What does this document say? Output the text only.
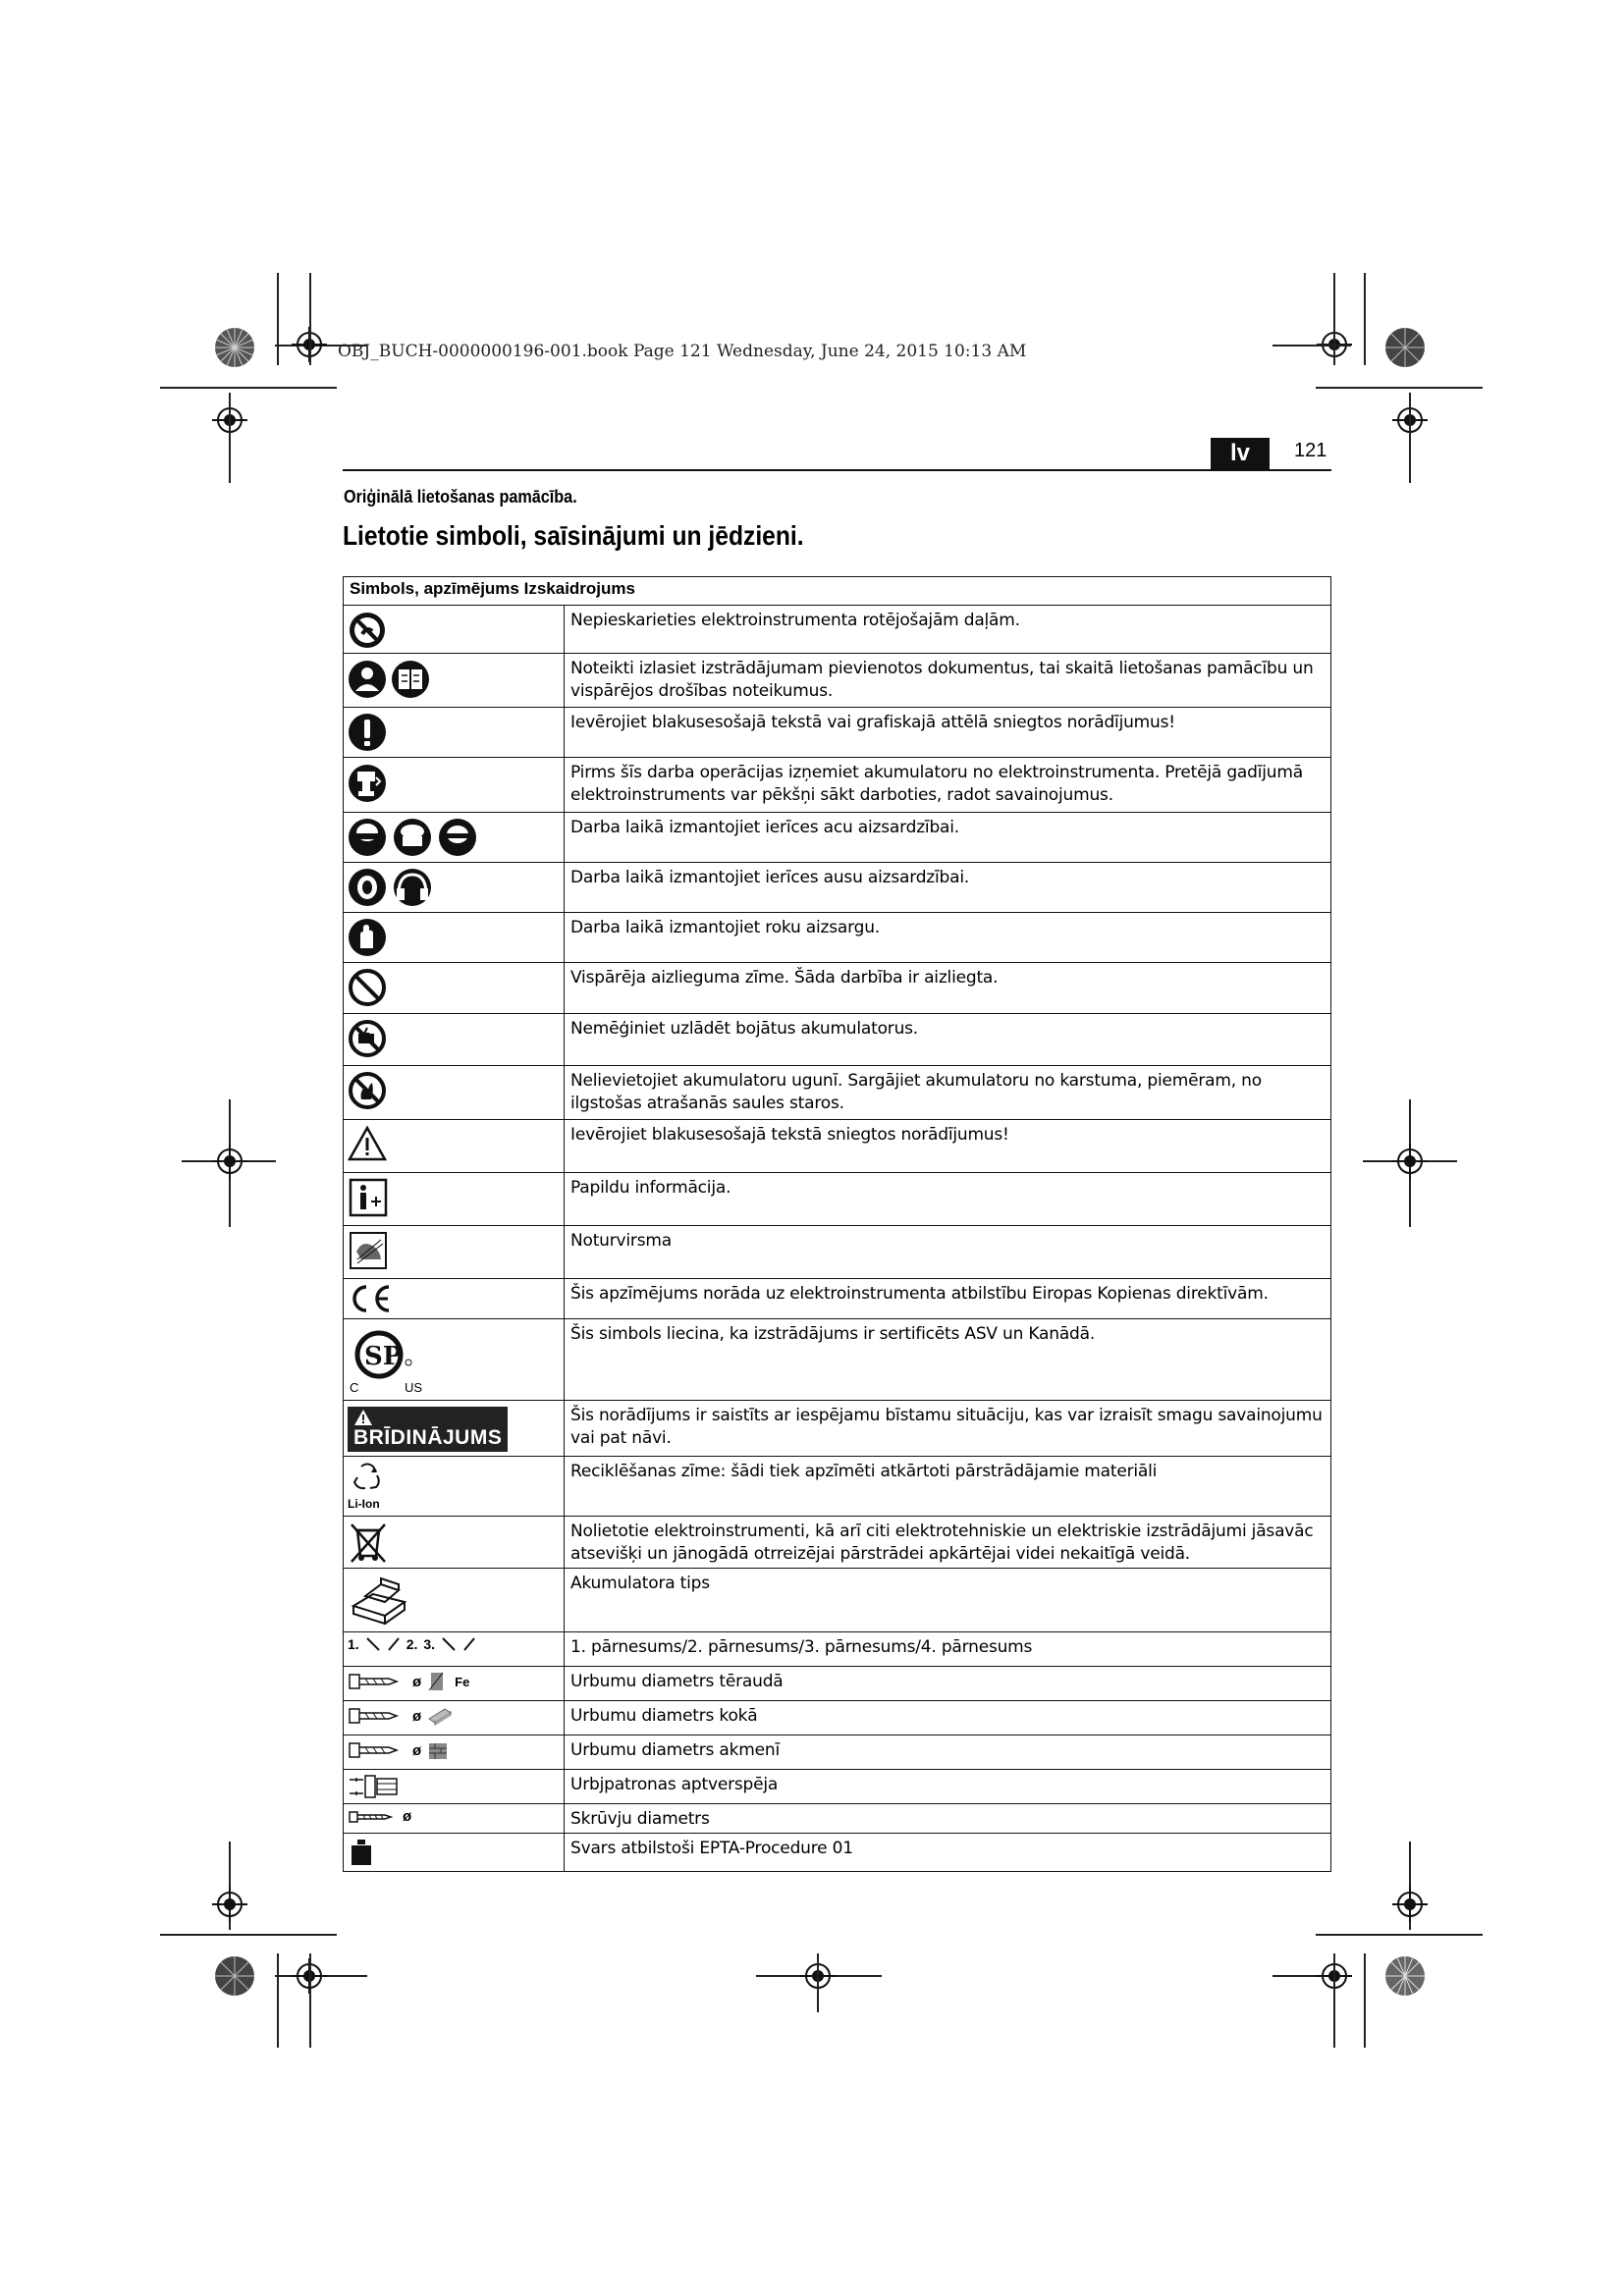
OBJ_BUCH-0000000196-001.book Page 121 Wednesday, June 24, 2015 10:13 AM
lv	121
Oriģinālā lietošanas pamācība.
Lietotie simboli, saīsinājumi un jēdzieni.
Simbols, apzīmējums Izskaidrojums	

	Nepieskarieties elektroinstrumenta rotējošajām daļām.

	Noteikti izlasiet izstrādājumam pievienotos dokumentus, tai skaitā lietošanas pamācību un vispārējos drošības noteikumus.

	Ievērojiet blakusesošajā tekstā vai grafiskajā attēlā sniegtos norādījumus!

	Pirms šīs darba operācijas izņemiet akumulatoru no elektroinstrumenta. Pretējā gadījumā elektroinstruments var pēkšņi sākt darboties, radot savainojumus.

	Darba laikā izmantojiet ierīces acu aizsardzībai.

	Darba laikā izmantojiet ierīces ausu aizsardzībai.

	Darba laikā izmantojiet roku aizsargu.

	Vispārēja aizlieguma zīme. Šāda darbība ir aizliegta.

	Nemēģiniet uzlādēt bojātus akumulatorus.

	Nelievietojiet akumulatoru ugunī. Sargājiet akumulatoru no karstuma, piemēram, no ilgstošas atrašanās saules staros.

	Ievērojiet blakusesošajā tekstā sniegtos norādījumus!

	Papildu informācija.

	Noturvirsma

	Šis apzīmējums norāda uz elektroinstrumenta atbilstību Eiropas Kopienas direktīvām.

SP
C US	Šis simbols liecina, ka izstrādājums ir sertificēts ASV un Kanādā.

BRĪDINĀJUMS	Šis norādījums ir saistīts ar iespējamu bīstamu situāciju, kas var izraisīt smagu savainojumu vai pat nāvi.

Li-Ion	Reciklēšanas zīme: šādi tiek apzīmēti atkārtoti pārstrādājamie materiāli

	Nolietotie elektroinstrumenti, kā arī citi elektrotehniskie un elektriskie izstrādājumi jāsavāc atsevišķi un jānogādā otrreizējai pārstrādei apkārtējai videi nekaitīgā veidā.

	Akumulatora tips

1. 2. 3.	1. pārnesums/2. pārnesums/3. pārnesums/4. pārnesums

ø Fe	Urbumu diametrs tēraudā

ø	Urbumu diametrs kokā

ø	Urbumu diametrs akmenī

	Urbjpatronas aptverspēja

ø	Skrūvju diametrs

	Svars atbilstoši EPTA-Procedure 01
